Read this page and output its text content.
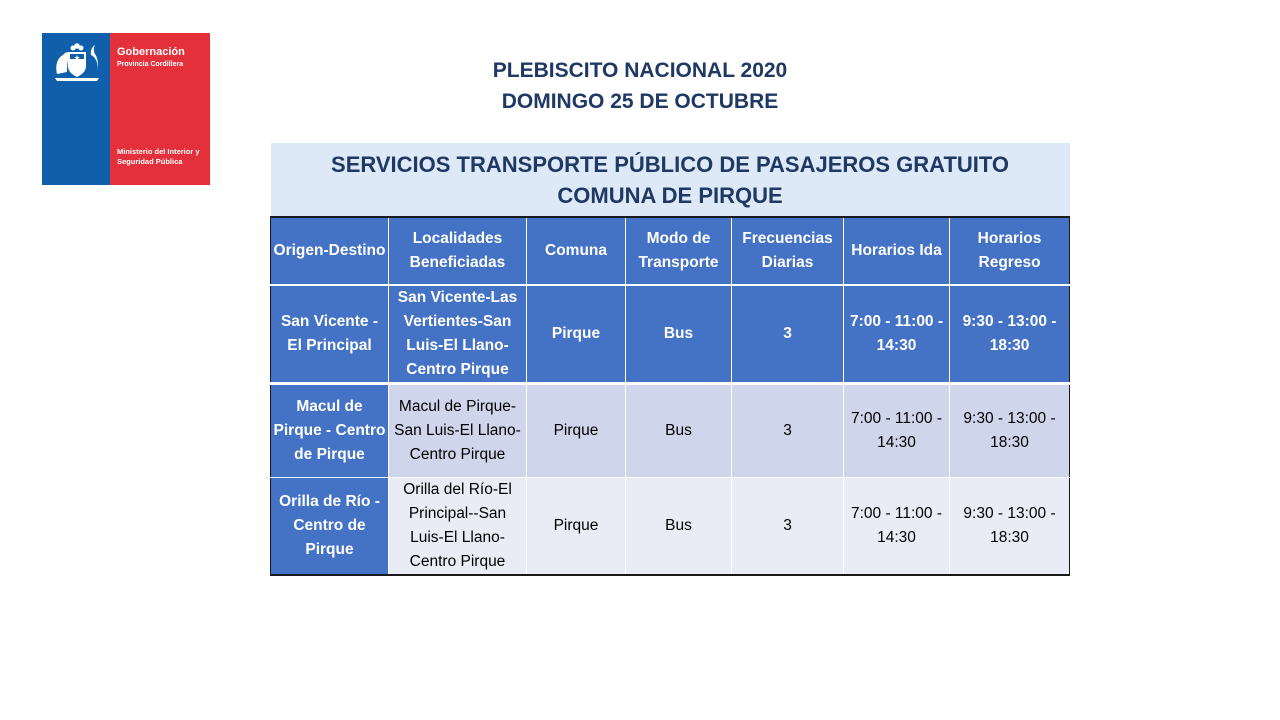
Gobernación
Provincia Cordillera
Ministerio del Interior y Seguridad Pública
PLEBISCITO NACIONAL 2020
DOMINGO 25 DE OCTUBRE
SERVICIOS TRANSPORTE PÚBLICO DE PASAJEROS GRATUITO
COMUNA DE PIRQUE						
Origen-Destino	Localidades Beneficiadas	Comuna	Modo de Transporte	Frecuencias Diarias	Horarios Ida	Horarios Regreso
San Vicente - El Principal	San Vicente-Las Vertientes-San Luis-El Llano-Centro Pirque	Pirque	Bus	3	7:00 - 11:00 - 14:30	9:30 - 13:00 - 18:30
Macul de Pirque - Centro de Pirque	Macul de Pirque-San Luis-El Llano-Centro Pirque	Pirque	Bus	3	7:00 - 11:00 - 14:30	9:30 - 13:00 - 18:30
Orilla de Río - Centro de Pirque	Orilla del Río-El Principal--San Luis-El Llano-Centro Pirque	Pirque	Bus	3	7:00 - 11:00 - 14:30	9:30 - 13:00 - 18:30
